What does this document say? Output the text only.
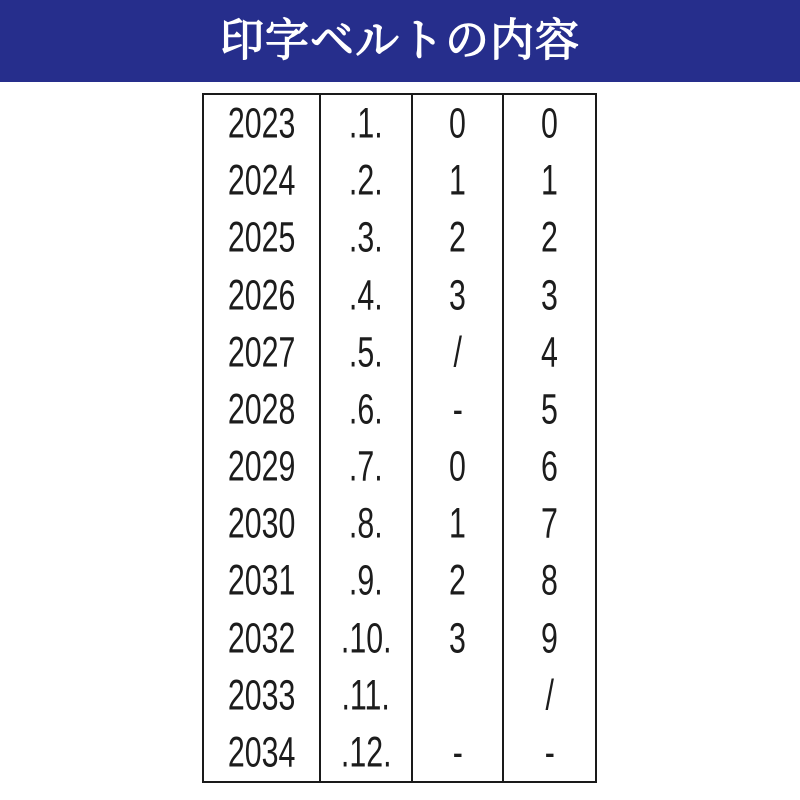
印字ベルトの内容
2023
2024
2025
2026
2027
2028
2029
2030
2031
2032
2033
2034
.1.
.2.
.3.
.4.
.5.
.6.
.7.
.8.
.9.
.10.
.11.
.12.
0
1
2
3
/
-
0
1
2
3
-
0
1
2
3
4
5
6
7
8
9
/
-
